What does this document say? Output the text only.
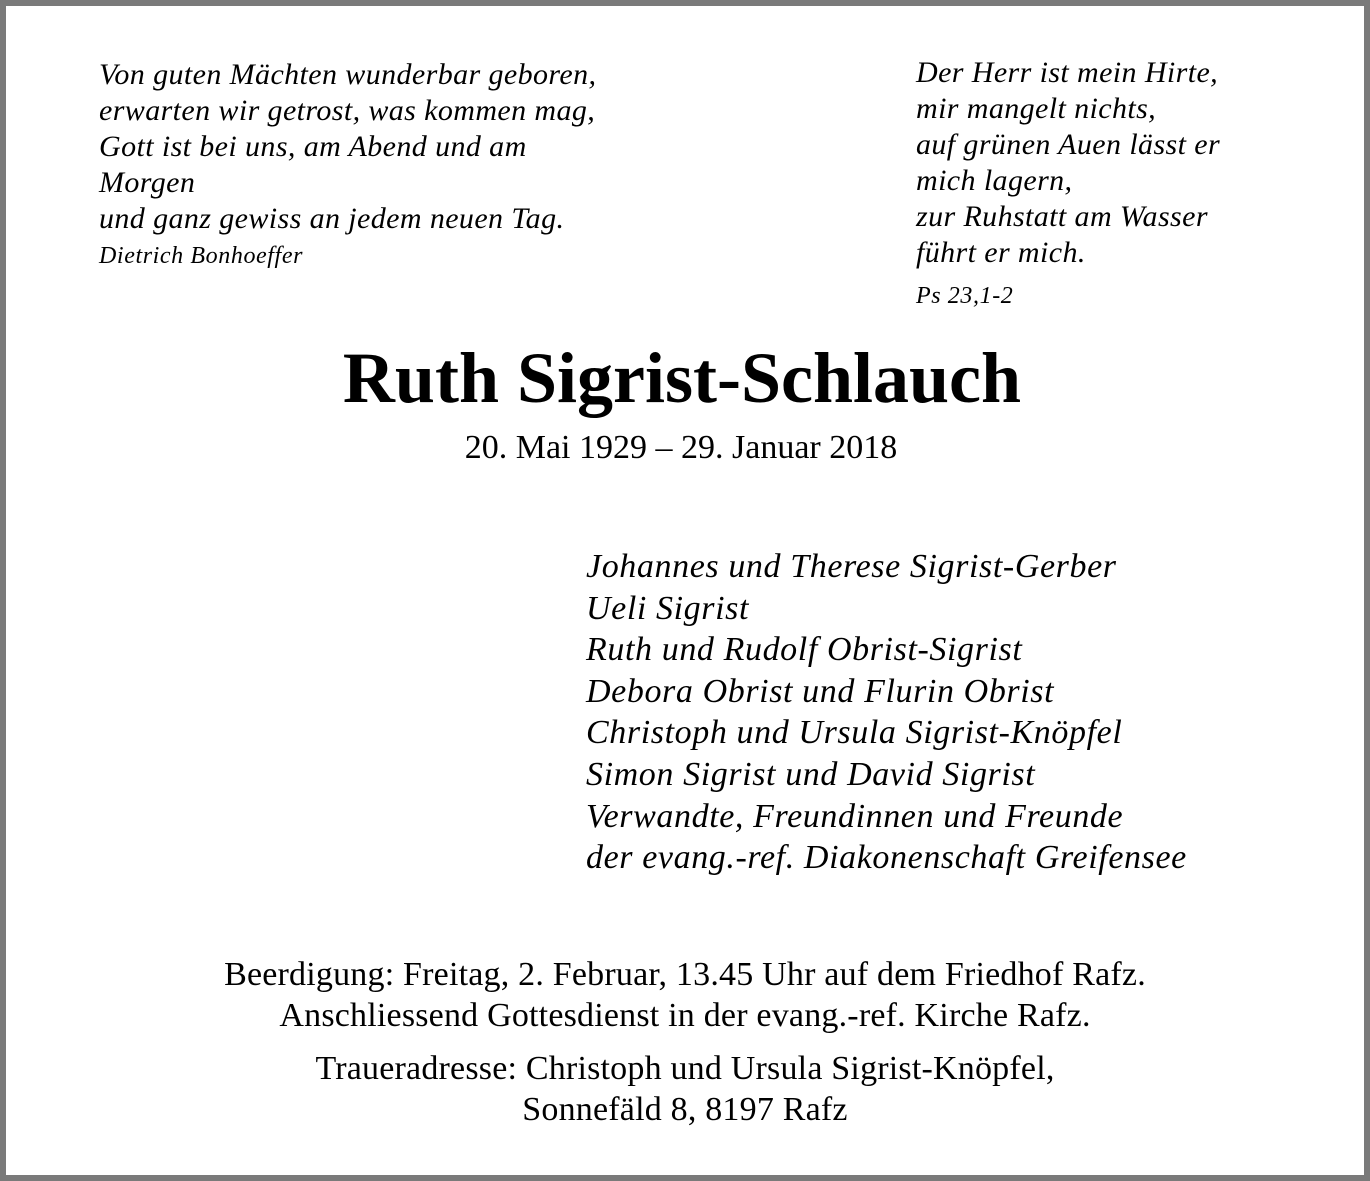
Von guten Mächten wunderbar geboren,
erwarten wir getrost, was kommen mag,
Gott ist bei uns, am Abend und am
Morgen
und ganz gewiss an jedem neuen Tag.
Dietrich Bonhoeffer
Der Herr ist mein Hirte,
mir mangelt nichts,
auf grünen Auen lässt er
mich lagern,
zur Ruhstatt am Wasser
führt er mich.
Ps 23,1-2
Ruth Sigrist-Schlauch
20. Mai 1929 – 29. Januar 2018
Johannes und Therese Sigrist-Gerber
Ueli Sigrist
Ruth und Rudolf Obrist-Sigrist
Debora Obrist und Flurin Obrist
Christoph und Ursula Sigrist-Knöpfel
Simon Sigrist und David Sigrist
Verwandte, Freundinnen und Freunde
der evang.-ref. Diakonenschaft Greifensee
Beerdigung: Freitag, 2. Februar, 13.45 Uhr auf dem Friedhof Rafz.
Anschliessend Gottesdienst in der evang.-ref. Kirche Rafz.
Traueradresse: Christoph und Ursula Sigrist-Knöpfel,
Sonnefäld 8, 8197 Rafz
